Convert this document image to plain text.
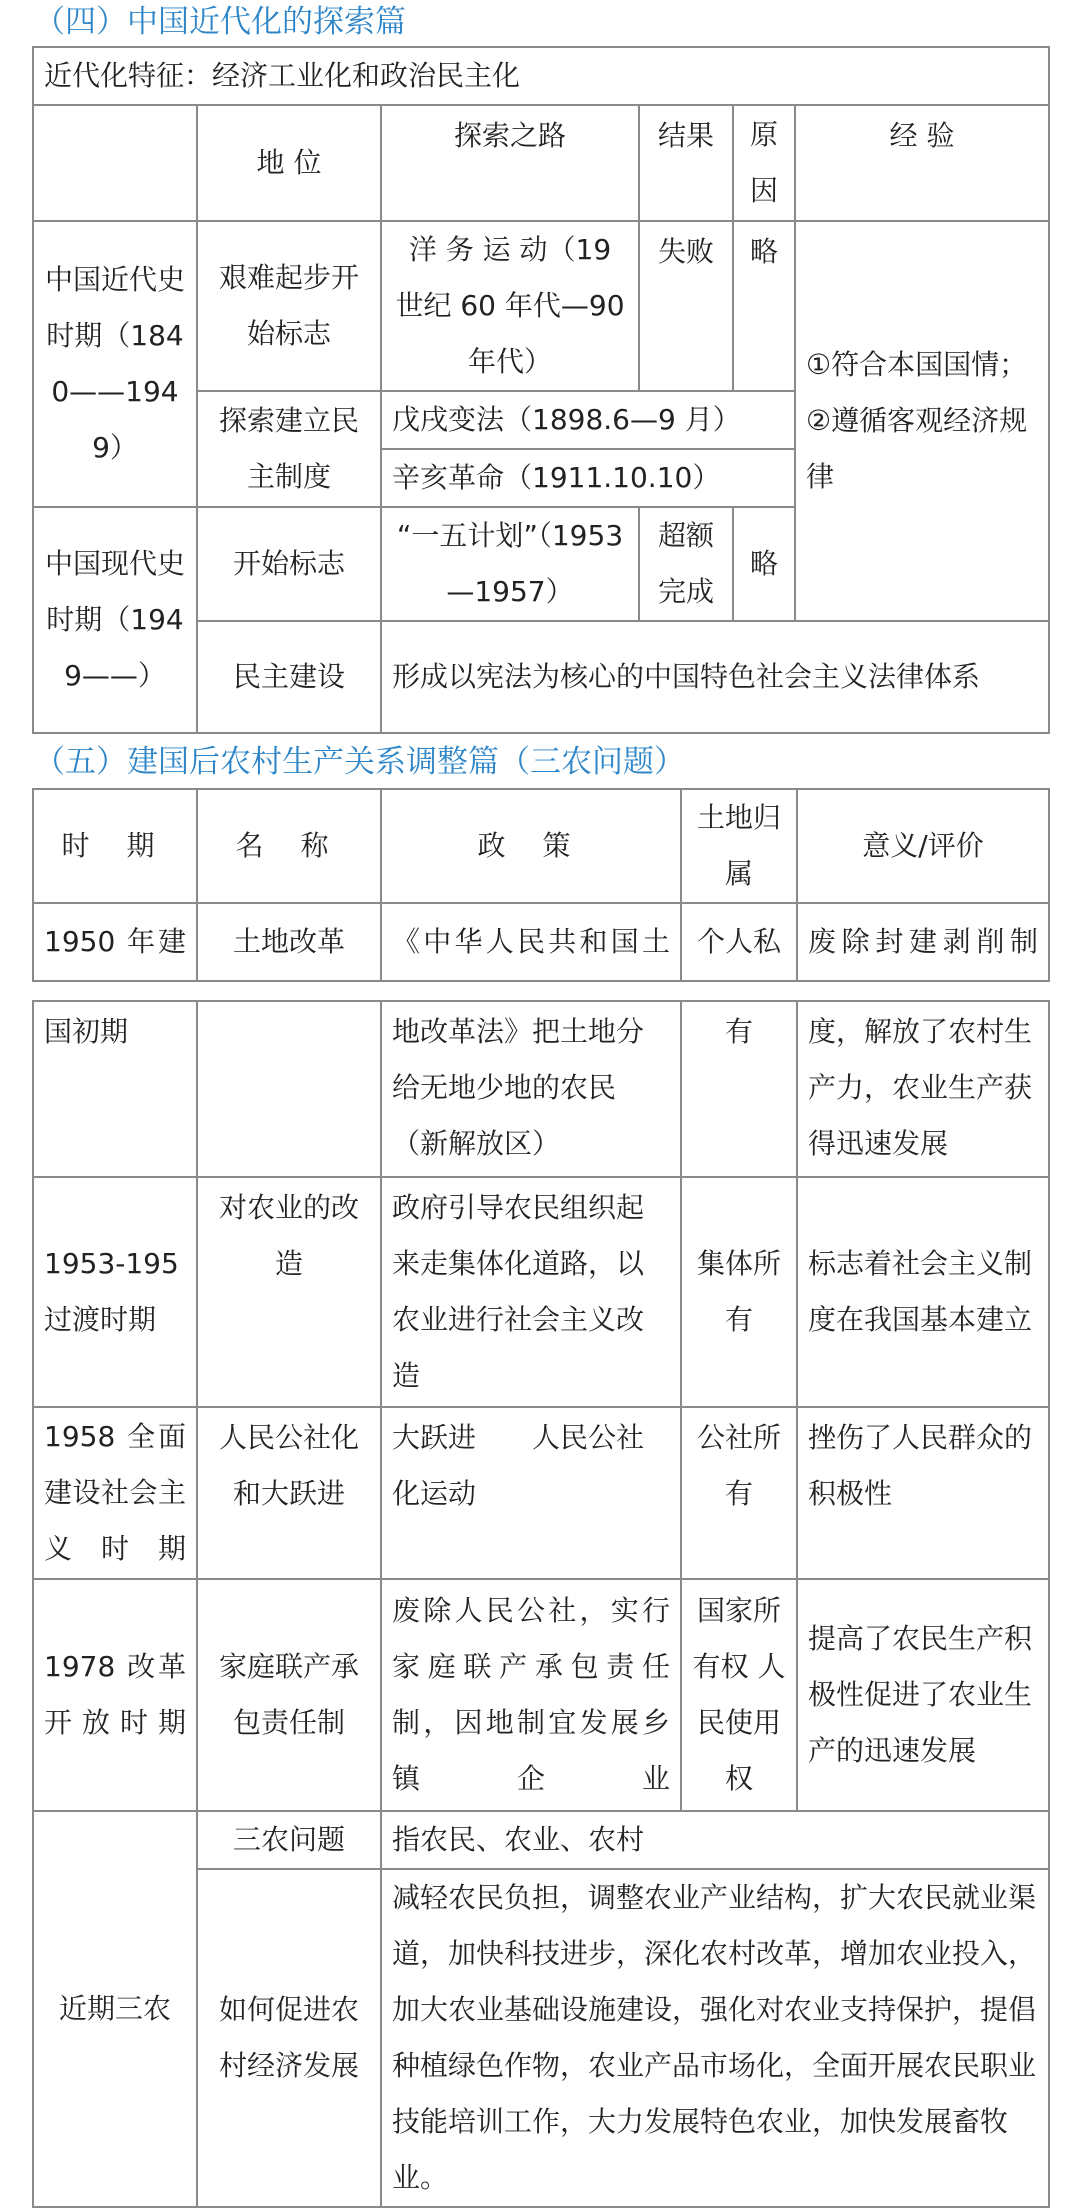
（四）中国近代化的探索篇
近代化特征：经济工业化和政治民主化					
	地 位	探索之路	结果	原因	经 验
中国近代史时期（1840——1949）	艰难起步开始标志	洋 务 运 动（19 世纪 60 年代—90 年代）	失败	略	①符合本国国情；②遵循客观经济规律
	探索建立民主制度	戊戌变法（1898.6—9 月）			
		辛亥革命（1911.10.10）			
中国现代史时期（1949——）	开始标志	“一五计划”（1953—1957）	超额完成	略	
	民主建设	形成以宪法为核心的中国特色社会主义法律体系			
（五）建国后农村生产关系调整篇（三农问题）
时 期	名 称	政 策	土地归属	意义/评价
1950 年建	土地改革	《中华人民共和国土	个人私	废除封建剥削制
国初期		地改革法》把土地分给无地少地的农民（新解放区）	有	度，解放了农村生产力，农业生产获得迅速发展
1953-195过渡时期	对农业的改造	政府引导农民组织起来走集体化道路，以农业进行社会主义改造	集体所有	标志着社会主义制度在我国基本建立
1958 全面建设社会主义时期	人民公社化和大跃进	大跃进　　人民公社化运动	公社所有	挫伤了人民群众的积极性
1978 改革开放时期	家庭联产承包责任制	废除人民公社，实行家庭联产承包责任制，因地制宜发展乡镇企业	国家所有权 人民使用权	提高了农民生产积极性促进了农业生产的迅速发展
近期三农	三农问题	指农民、农业、农村		
	如何促进农村经济发展	减轻农民负担，调整农业产业结构，扩大农民就业渠道，加快科技进步，深化农村改革，增加农业投入，加大农业基础设施建设，强化对农业支持保护，提倡种植绿色作物，农业产品市场化，全面开展农民职业技能培训工作，大力发展特色农业，加快发展畜牧业。		
